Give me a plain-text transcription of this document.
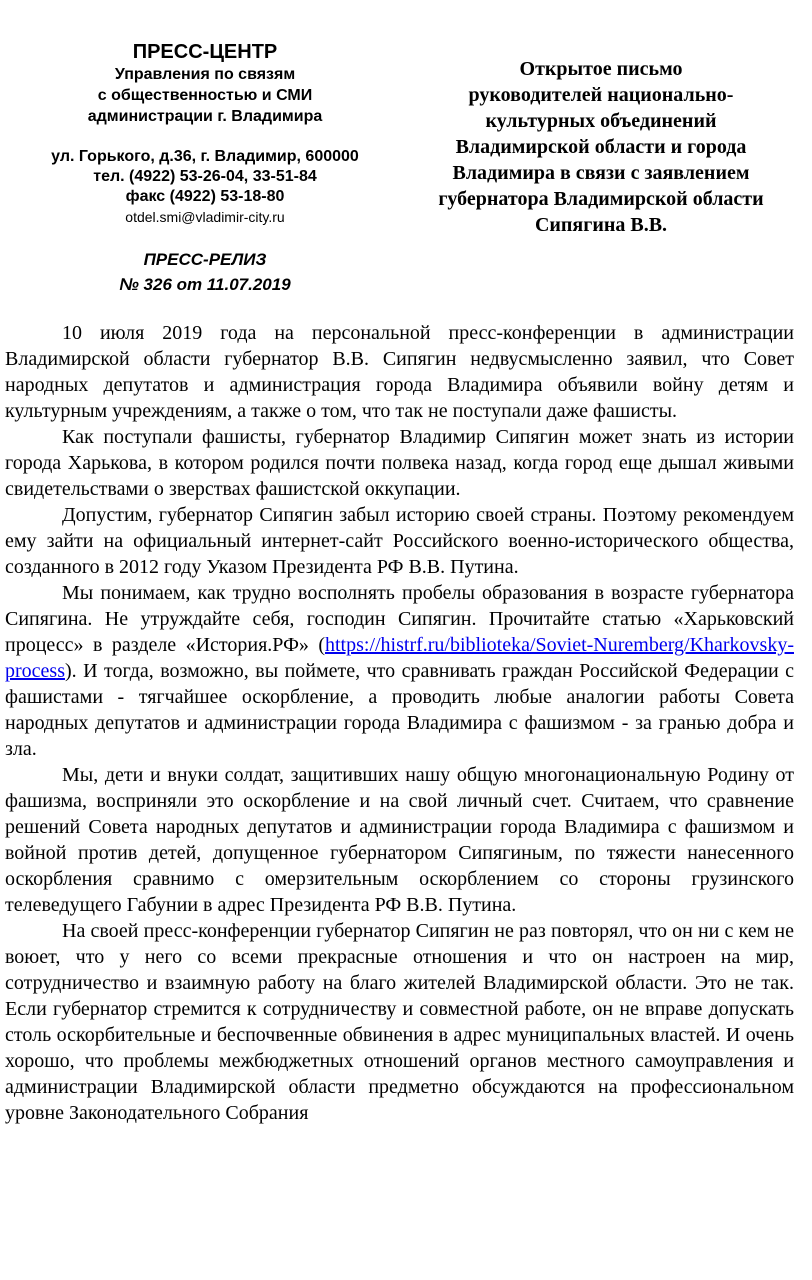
ПРЕСС-ЦЕНТР

Управления по связям

с общественностью и СМИ

администрации г. Владимира

ул. Горького, д.36, г. Владимир, 600000

тел. (4922) 53-26-04, 33-51-84

факс (4922) 53-18-80

otdel.smi@vladimir-city.ru

ПРЕСС-РЕЛИЗ

№ 326 от 11.07.2019

Открытое письмо

руководителей национально-

культурных объединений

Владимирской области и города

Владимира в связи с заявлением

губернатора Владимирской области

Сипягина В.В.

10 июля 2019 года на персональной пресс-конференции в администрации Владимирской области губернатор В.В. Сипягин недвусмысленно заявил, что Совет народных депутатов и администрация города Владимира объявили войну детям и культурным учреждениям, а также о том, что так не поступали даже фашисты.

Как поступали фашисты, губернатор Владимир Сипягин может знать из истории города Харькова, в котором родился почти полвека назад, когда город еще дышал живыми свидетельствами о зверствах фашистской оккупации.

Допустим, губернатор Сипягин забыл историю своей страны. Поэтому рекомендуем ему зайти на официальный интернет-сайт Российского военно-исторического общества, созданного в 2012 году Указом Президента РФ В.В. Путина.

Мы понимаем, как трудно восполнять пробелы образования в возрасте губернатора Сипягина. Не утруждайте себя, господин Сипягин. Прочитайте статью «Харьковский процесс» в разделе «История.РФ» (https://histrf.ru/biblioteka/Soviet-Nuremberg/Kharkovsky-process). И тогда, возможно, вы поймете, что сравнивать граждан Российской Федерации с фашистами - тягчайшее оскорбление, а проводить любые аналогии работы Совета народных депутатов и администрации города Владимира с фашизмом - за гранью добра и зла.

Мы, дети и внуки солдат, защитивших нашу общую многонациональную Родину от фашизма, восприняли это оскорбление и на свой личный счет. Считаем, что сравнение решений Совета народных депутатов и администрации города Владимира с фашизмом и войной против детей, допущенное губернатором Сипягиным, по тяжести нанесенного оскорбления сравнимо с омерзительным оскорблением со стороны грузинского телеведущего Габунии в адрес Президента РФ В.В. Путина.

На своей пресс-конференции губернатор Сипягин не раз повторял, что он ни с кем не воюет, что у него со всеми прекрасные отношения и что он настроен на мир, сотрудничество и взаимную работу на благо жителей Владимирской области. Это не так. Если губернатор стремится к сотрудничеству и совместной работе, он не вправе допускать столь оскорбительные и беспочвенные обвинения в адрес муниципальных властей. И очень хорошо, что проблемы межбюджетных отношений органов местного самоуправления и администрации Владимирской области предметно обсуждаются на профессиональном уровне Законодательного Собрания
